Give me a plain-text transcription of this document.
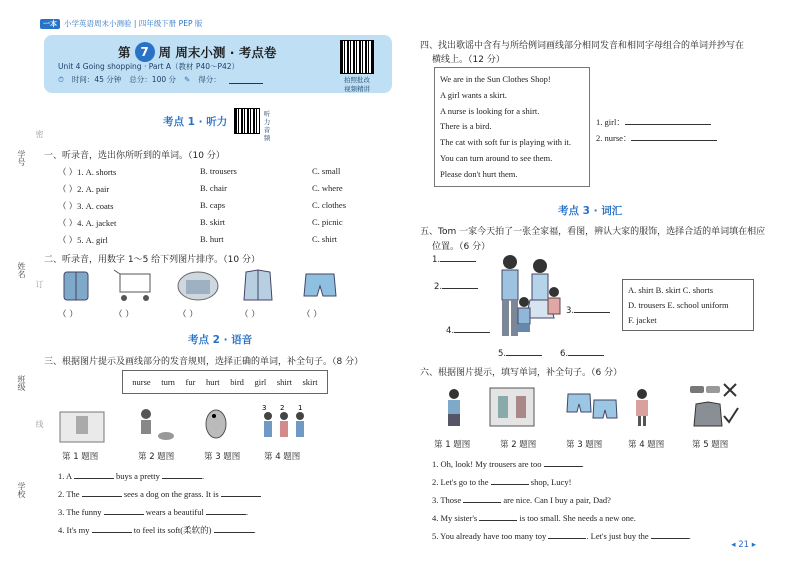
学号
姓名
班级
学校
密
订
线
一本 小学英语周末小测验 | 四年级下册 PEP 版
第 7 周 周末小测 · 考点卷
Unit 4 Going shopping · Part A（教材 P40～P42）
⏱ 时间：45 分钟 总分：100 分 ✎ 得分：	拍照批改
视频精讲
考点 1 · 听力
听力音频
一、听录音，选出你所听到的单词。（10 分）
（ ）1. A. shorts	B. trousers	C. small
（ ）2. A. pair	B. chair	C. where
（ ）3. A. coats	B. caps	C. clothes
（ ）4. A. jacket	B. skirt	C. picnic
（ ）5. A. girl	B. hurt	C. shirt
二、听录音，用数字 1～5 给下列图片排序。（10 分）
（ ）	（ ）	（ ）	（ ）	（ ）
考点 2 · 语音
三、根据图片提示及画线部分的发音规则，选择正确的单词，补全句子。（8 分）
nurse turn fur hurt bird girl shirt skirt
3 2 1
第 1 题图	第 2 题图	第 3 题图	第 4 题图
1. A	buys a pretty	.
2. The	sees a dog on the grass. It is
3. The funny	wears a beautiful	.
4. It's my	to feel its soft(柔软的)	.
四、找出歌谣中含有与所给例词画线部分相同发音和相同字母组合的单词并抄写在
横线上。（12 分）
We are in the Sun Clothes Shop!
A girl wants a skirt.
A nurse is looking for a shirt.
There is a bird.
The cat with soft fur is playing with it.
You can turn around to see them.
Please don't hurt them.
1. girl：
2. nurse：
考点 3 · 词汇
五、Tom 一家今天拍了一张全家福，看图，辨认大家的服饰，选择合适的单词填在相应
位置。（6 分）
1.
2.
3.
4.
5.	6.
A. shirt B. skirt C. shorts
D. trousers E. school uniform
F. jacket
六、根据图片提示，填写单词，补全句子。（6 分）
第 1 题图	第 2 题图	第 3 题图	第 4 题图	第 5 题图
1. Oh, look! My trousers are too	.
2. Let's go to the	shop, Lucy!
3. Those	are nice. Can I buy a pair, Dad?
4. My sister's	is too small. She needs a new one.
5. You already have too many toy	. Let's just buy the	.
◂ 21 ▸
